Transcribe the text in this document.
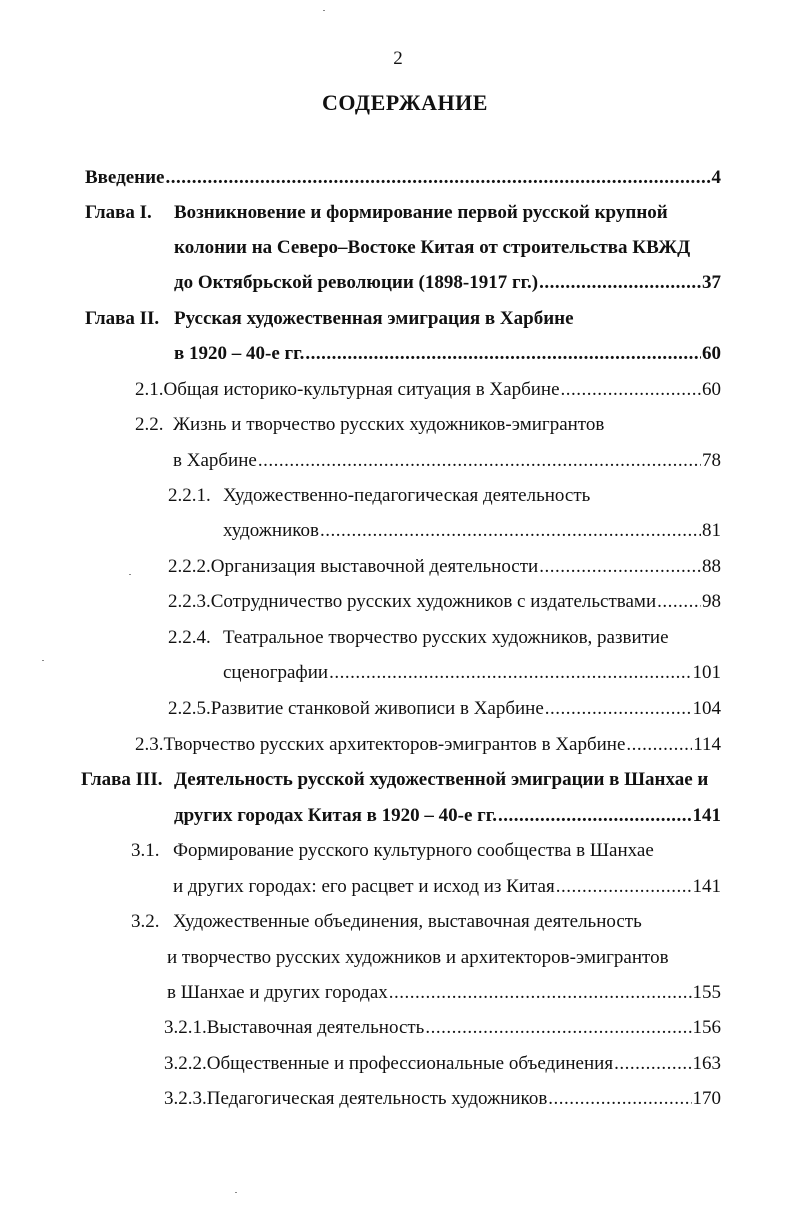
2
СОДЕРЖАНИЕ
Введение .....	4
Глава I.	Возникновение и формирование первой русской крупной
колонии на Северо–Востоке Китая от строительства КВЖД
до Октябрьской революции (1898-1917 гг.) .....	37
Глава II. Русская художественная эмиграция в Харбине
в 1920 – 40-е гг. .....	60
2.1. Общая историко-культурная ситуация в Харбине .....	60
2.2. Жизнь и творчество русских художников-эмигрантов
в Харбине .....	78
2.2.1. Художественно-педагогическая деятельность
художников .....	81
2.2.2. Организация выставочной деятельности .....	88
2.2.3. Сотрудничество русских художников с издательствами ..... 98
2.2.4. Театральное творчество русских художников, развитие
сценографии .....	101
2.2.5. Развитие станковой живописи в Харбине .....	104
2.3. Творчество русских архитекторов-эмигрантов в Харбине .....	114
Глава III. Деятельность русской художественной эмиграции в Шанхае и
других городах Китая в 1920 – 40-е гг. .....	141
3.1. Формирование русского культурного сообщества в Шанхае
и других городах: его расцвет и исход из Китая .....	141
3.2. Художественные объединения, выставочная деятельность
и творчество русских художников и архитекторов-эмигрантов
в Шанхае и других городах .....	155
3.2.1. Выставочная деятельность .....	156
3.2.2. Общественные и профессиональные объединения .....	163
3.2.3. Педагогическая деятельность художников .....	170
